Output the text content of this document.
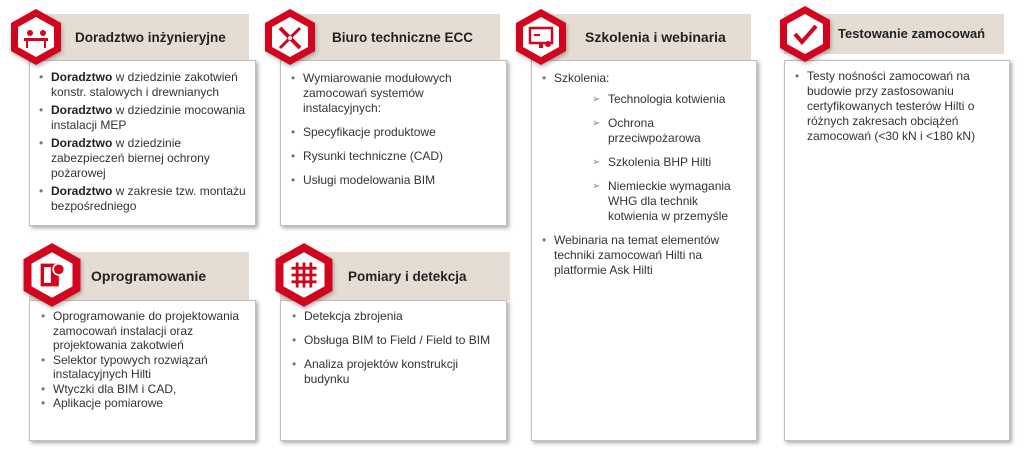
Doradztwo inżynieryjne
• Doradztwo w dziedzinie zakotwień konstr. stalowych i drewnianych
• Doradztwo w dziedzinie mocowania instalacji MEP
• Doradztwo w dziedzinie zabezpieczeń biernej ochrony pożarowej
• Doradztwo w zakresie tzw. montażu bezpośredniego
Biuro techniczne ECC
• Wymiarowanie modułowych zamocowań systemów instalacyjnych:
• Specyfikacje produktowe
• Rysunki techniczne (CAD)
• Usługi modelowania BIM
Szkolenia i webinaria
• Szkolenia:
➢ Technologia kotwienia
➢ Ochrona przeciwpożarowa
➢ Szkolenia BHP Hilti
➢ Niemieckie wymagania WHG dla technik kotwienia w przemyśle
• Webinaria na temat elementów techniki zamocowań Hilti na platformie Ask Hilti
Testowanie zamocowań
• Testy nośności zamocowań na budowie przy zastosowaniu certyfikowanych testerów Hilti o różnych zakresach obciążeń zamocowań (<30 kN i <180 kN)
Oprogramowanie
• Oprogramowanie do projektowania zamocowań instalacji oraz projektowania zakotwień
• Selektor typowych rozwiązań instalacyjnych Hilti
• Wtyczki dla BIM i CAD,
• Aplikacje pomiarowe
Pomiary i detekcja
• Detekcja zbrojenia
• Obsługa BIM to Field / Field to BIM
• Analiza projektów konstrukcji budynku
